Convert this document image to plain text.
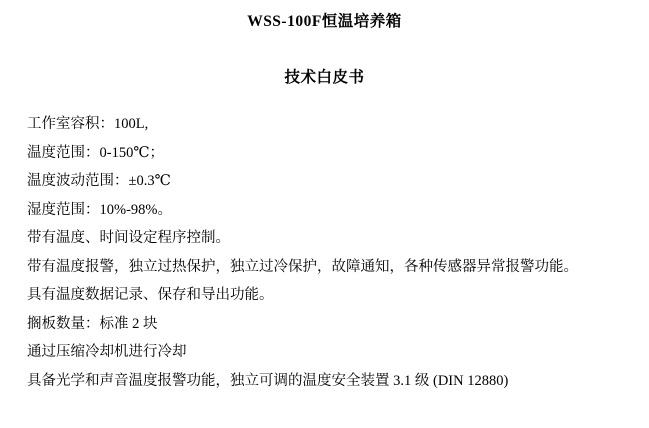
WSS-100F恒温培养箱
技术白皮书
工作室容积：100L,
温度范围：0-150℃；
温度波动范围：±0.3℃
湿度范围：10%-98%。
带有温度、时间设定程序控制。
带有温度报警，独立过热保护，独立过冷保护，故障通知，各种传感器异常报警功能。
具有温度数据记录、保存和导出功能。
搁板数量：标准 2 块
通过压缩冷却机进行冷却
具备光学和声音温度报警功能，独立可调的温度安全装置 3.1 级 (DIN 12880)
